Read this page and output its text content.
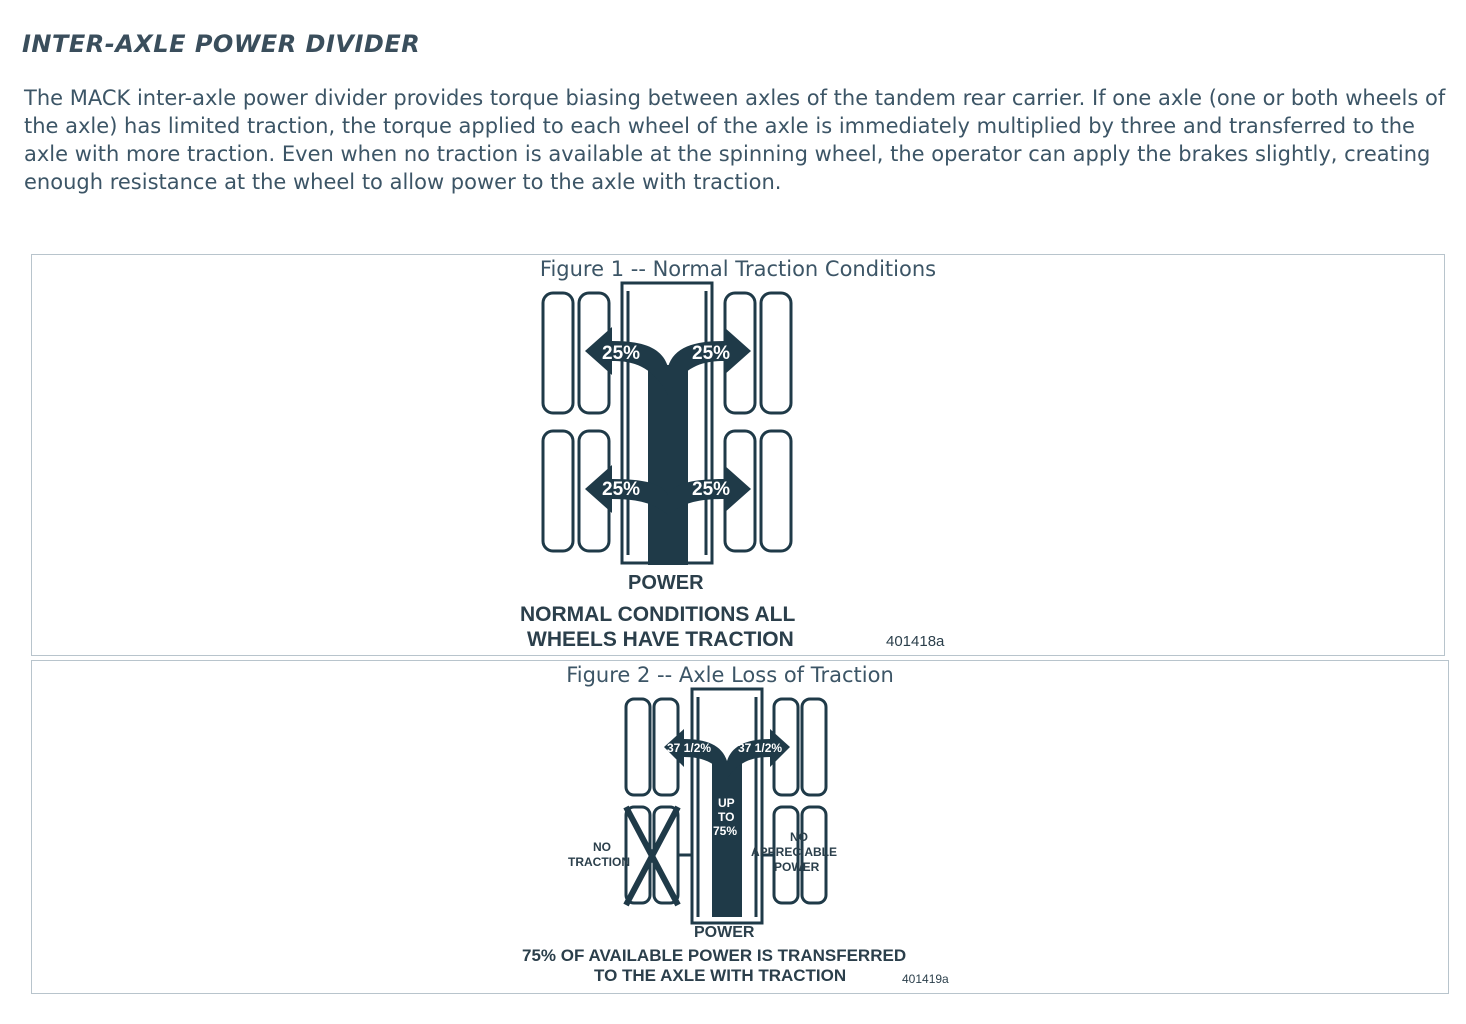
INTER-AXLE POWER DIVIDER

The MACK inter-axle power divider provides torque biasing between axles of the tandem rear carrier. If one axle (one or both wheels of the axle) has limited traction, the torque applied to each wheel of the axle is immediately multiplied by three and transferred to the axle with more traction. Even when no traction is available at the spinning wheel, the operator can apply the brakes slightly, creating enough resistance at the wheel to allow power to the axle with traction.

Figure 1 -- Normal Traction Conditions
25%	25%
25%	25%
POWER
NORMAL CONDITIONS ALL
WHEELS HAVE TRACTION	401418a
Figure 2 -- Axle Loss of Traction
37 1/2% 37 1/2%
UP
TO
75%
NO
TRACTION
NO
APPRECIABLE
POWER
POWER
75% OF AVAILABLE POWER IS TRANSFERRED
TO THE AXLE WITH TRACTION	401419a
